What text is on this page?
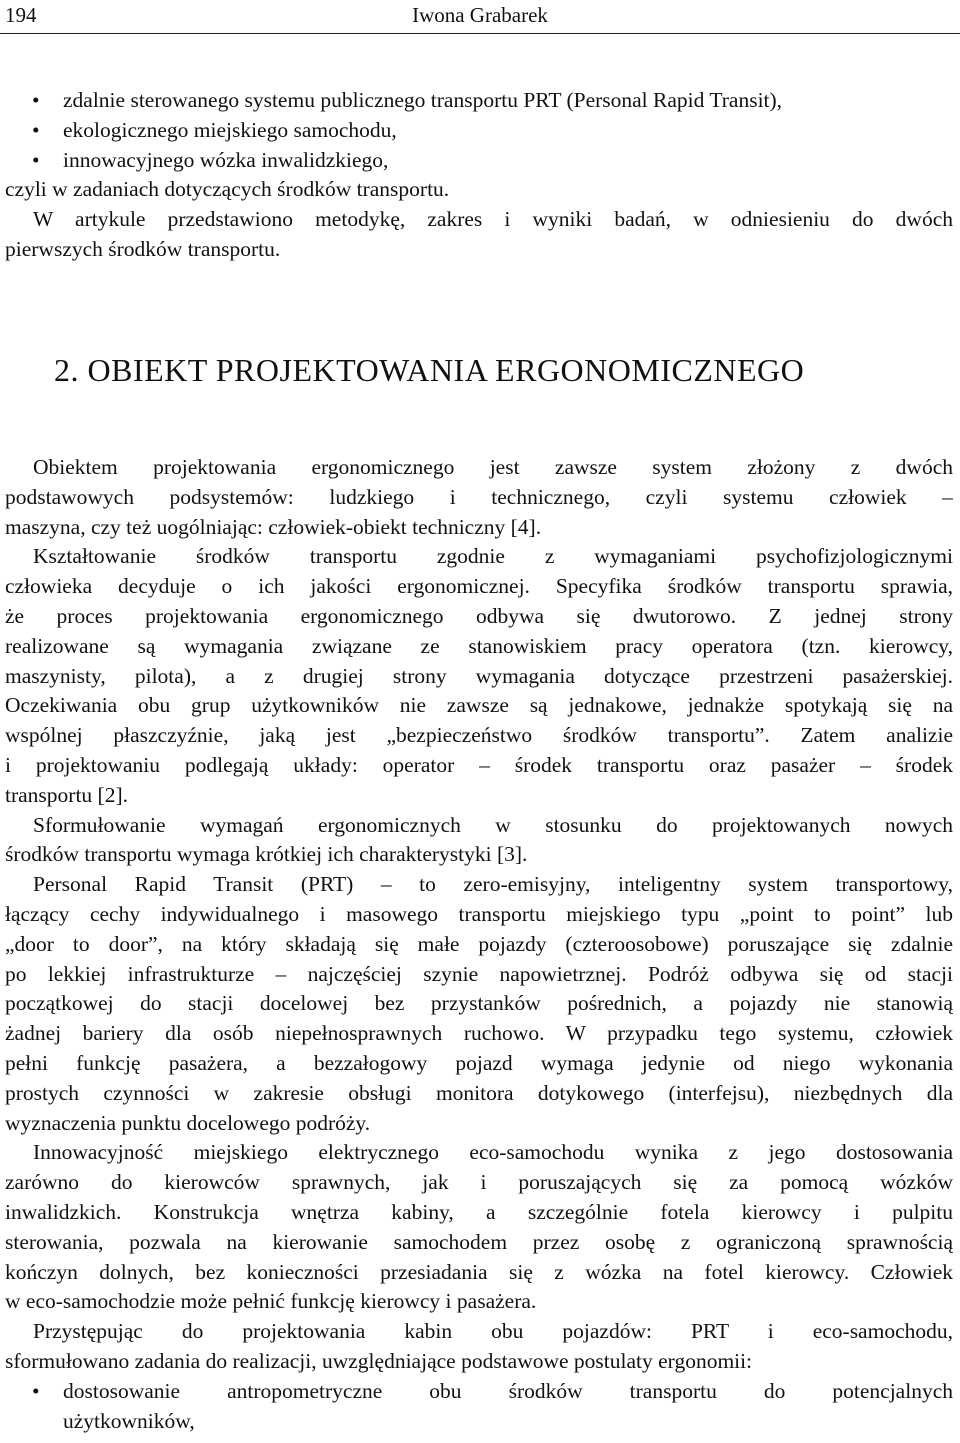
194	Iwona Grabarek
• zdalnie sterowanego systemu publicznego transportu PRT (Personal Rapid Transit),
• ekologicznego miejskiego samochodu,
• innowacyjnego wózka inwalidzkiego,
czyli w zadaniach dotyczących środków transportu.
W artykule przedstawiono metodykę, zakres i wyniki badań, w odniesieniu do dwóch
pierwszych środków transportu.
2. OBIEKT PROJEKTOWANIA ERGONOMICZNEGO
Obiektem projektowania ergonomicznego jest zawsze system złożony z dwóch
podstawowych podsystemów: ludzkiego i technicznego, czyli systemu człowiek –
maszyna, czy też uogólniając: człowiek-obiekt techniczny [4].
Kształtowanie środków transportu zgodnie z wymaganiami psychofizjologicznymi
człowieka decyduje o ich jakości ergonomicznej. Specyfika środków transportu sprawia,
że proces projektowania ergonomicznego odbywa się dwutorowo. Z jednej strony
realizowane są wymagania związane ze stanowiskiem pracy operatora (tzn. kierowcy,
maszynisty, pilota), a z drugiej strony wymagania dotyczące przestrzeni pasażerskiej.
Oczekiwania obu grup użytkowników nie zawsze są jednakowe, jednakże spotykają się na
wspólnej płaszczyźnie, jaką jest „bezpieczeństwo środków transportu”. Zatem analizie
i projektowaniu podlegają układy: operator – środek transportu oraz pasażer – środek
transportu [2].
Sformułowanie wymagań ergonomicznych w stosunku do projektowanych nowych
środków transportu wymaga krótkiej ich charakterystyki [3].
Personal Rapid Transit (PRT) – to zero-emisyjny, inteligentny system transportowy,
łączący cechy indywidualnego i masowego transportu miejskiego typu „point to point” lub
„door to door”, na który składają się małe pojazdy (czteroosobowe) poruszające się zdalnie
po lekkiej infrastrukturze – najczęściej szynie napowietrznej. Podróż odbywa się od stacji
początkowej do stacji docelowej bez przystanków pośrednich, a pojazdy nie stanowią
żadnej bariery dla osób niepełnosprawnych ruchowo. W przypadku tego systemu, człowiek
pełni funkcję pasażera, a bezzałogowy pojazd wymaga jedynie od niego wykonania
prostych czynności w zakresie obsługi monitora dotykowego (interfejsu), niezbędnych dla
wyznaczenia punktu docelowego podróży.
Innowacyjność miejskiego elektrycznego eco-samochodu wynika z jego dostosowania
zarówno do kierowców sprawnych, jak i poruszających się za pomocą wózków
inwalidzkich. Konstrukcja wnętrza kabiny, a szczególnie fotela kierowcy i pulpitu
sterowania, pozwala na kierowanie samochodem przez osobę z ograniczoną sprawnością
kończyn dolnych, bez konieczności przesiadania się z wózka na fotel kierowcy. Człowiek
w eco-samochodzie może pełnić funkcję kierowcy i pasażera.
Przystępując do projektowania kabin obu pojazdów: PRT i eco-samochodu,
sformułowano zadania do realizacji, uwzględniające podstawowe postulaty ergonomii:
• dostosowanie antropometryczne obu środków transportu do potencjalnych
użytkowników,
